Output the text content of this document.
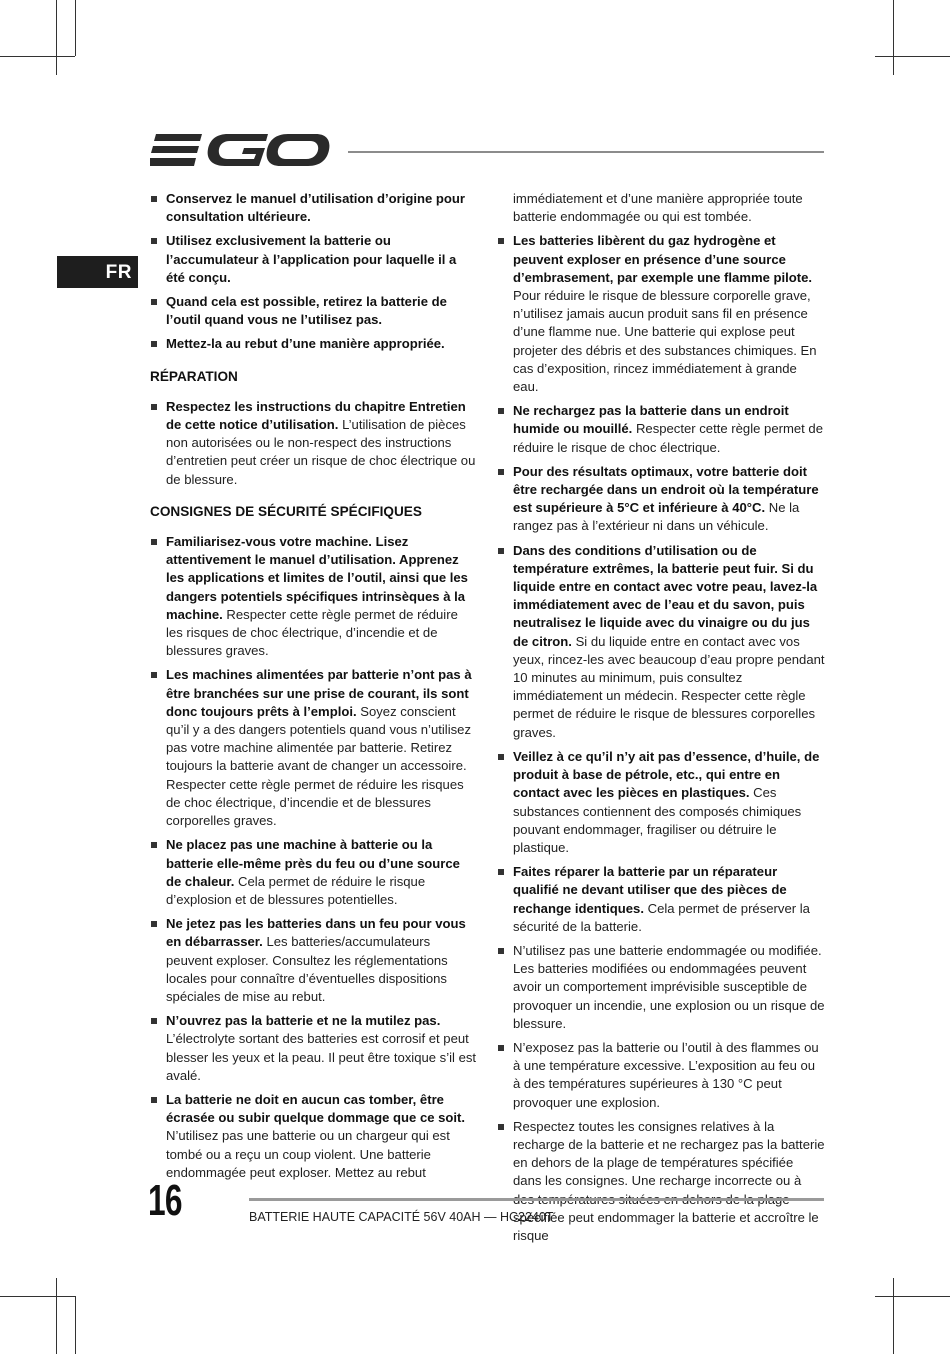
FR
Conservez le manuel d’utilisation d’origine pour consultation ultérieure.
Utilisez exclusivement la batterie ou l’accumulateur à l’application pour laquelle il a été conçu.
Quand cela est possible, retirez la batterie de l’outil quand vous ne l’utilisez pas.
Mettez-la au rebut d’une manière appropriée.
RÉPARATION
Respectez les instructions du chapitre Entretien de cette notice d’utilisation. L’utilisation de pièces non autorisées ou le non-respect des instructions d’entretien peut créer un risque de choc électrique ou de blessure.
CONSIGNES DE SÉCURITÉ SPÉCIFIQUES
Familiarisez-vous votre machine. Lisez attentivement le manuel d’utilisation. Apprenez les applications et limites de l’outil, ainsi que les dangers potentiels spécifiques intrinsèques à la machine. Respecter cette règle permet de réduire les risques de choc électrique, d’incendie et de blessures graves.
Les machines alimentées par batterie n’ont pas à être branchées sur une prise de courant, ils sont donc toujours prêts à l’emploi. Soyez conscient qu’il y a des dangers potentiels quand vous n’utilisez pas votre machine alimentée par batterie. Retirez toujours la batterie avant de changer un accessoire. Respecter cette règle permet de réduire les risques de choc électrique, d’incendie et de blessures corporelles graves.
Ne placez pas une machine à batterie ou la batterie elle-même près du feu ou d’une source de chaleur. Cela permet de réduire le risque d’explosion et de blessures potentielles.
Ne jetez pas les batteries dans un feu pour vous en débarrasser. Les batteries/accumulateurs peuvent exploser. Consultez les réglementations locales pour connaître d’éventuelles dispositions spéciales de mise au rebut.
N’ouvrez pas la batterie et ne la mutilez pas. L’électrolyte sortant des batteries est corrosif et peut blesser les yeux et la peau. Il peut être toxique s’il est avalé.
La batterie ne doit en aucun cas tomber, être écrasée ou subir quelque dommage que ce soit. N’utilisez pas une batterie ou un chargeur qui est tombé ou a reçu un coup violent. Une batterie endommagée peut exploser. Mettez au rebut
immédiatement et d’une manière appropriée toute batterie endommagée ou qui est tombée.
Les batteries libèrent du gaz hydrogène et peuvent exploser en présence d’une source d’embrasement, par exemple une flamme pilote. Pour réduire le risque de blessure corporelle grave, n’utilisez jamais aucun produit sans fil en présence d’une flamme nue. Une batterie qui explose peut projeter des débris et des substances chimiques. En cas d’exposition, rincez immédiatement à grande eau.
Ne rechargez pas la batterie dans un endroit humide ou mouillé. Respecter cette règle permet de réduire le risque de choc électrique.
Pour des résultats optimaux, votre batterie doit être rechargée dans un endroit où la température est supérieure à 5°C et inférieure à 40°C. Ne la rangez pas à l’extérieur ni dans un véhicule.
Dans des conditions d’utilisation ou de température extrêmes, la batterie peut fuir. Si du liquide entre en contact avec votre peau, lavez-la immédiatement avec de l’eau et du savon, puis neutralisez le liquide avec du vinaigre ou du jus de citron. Si du liquide entre en contact avec vos yeux, rincez-les avec beaucoup d’eau propre pendant 10 minutes au minimum, puis consultez immédiatement un médecin. Respecter cette règle permet de réduire le risque de blessures corporelles graves.
Veillez à ce qu’il n’y ait pas d’essence, d’huile, de produit à base de pétrole, etc., qui entre en contact avec les pièces en plastiques. Ces substances contiennent des composés chimiques pouvant endommager, fragiliser ou détruire le plastique.
Faites réparer la batterie par un réparateur qualifié ne devant utiliser que des pièces de rechange identiques. Cela permet de préserver la sécurité de la batterie.
N’utilisez pas une batterie endommagée ou modifiée. Les batteries modifiées ou endommagées peuvent avoir un comportement imprévisible susceptible de provoquer un incendie, une explosion ou un risque de blessure.
N’exposez pas la batterie ou l’outil à des flammes ou à une température excessive. L’exposition au feu ou à des températures supérieures à 130 °C peut provoquer une explosion.
Respectez toutes les consignes relatives à la recharge de la batterie et ne rechargez pas la batterie en dehors de la plage de températures spécifiée dans les consignes. Une recharge incorrecte ou à spécifiée peut endommager la batterie et accroître le risque
16	BATTERIE HAUTE CAPACITÉ 56V 40AH — HC2240T
